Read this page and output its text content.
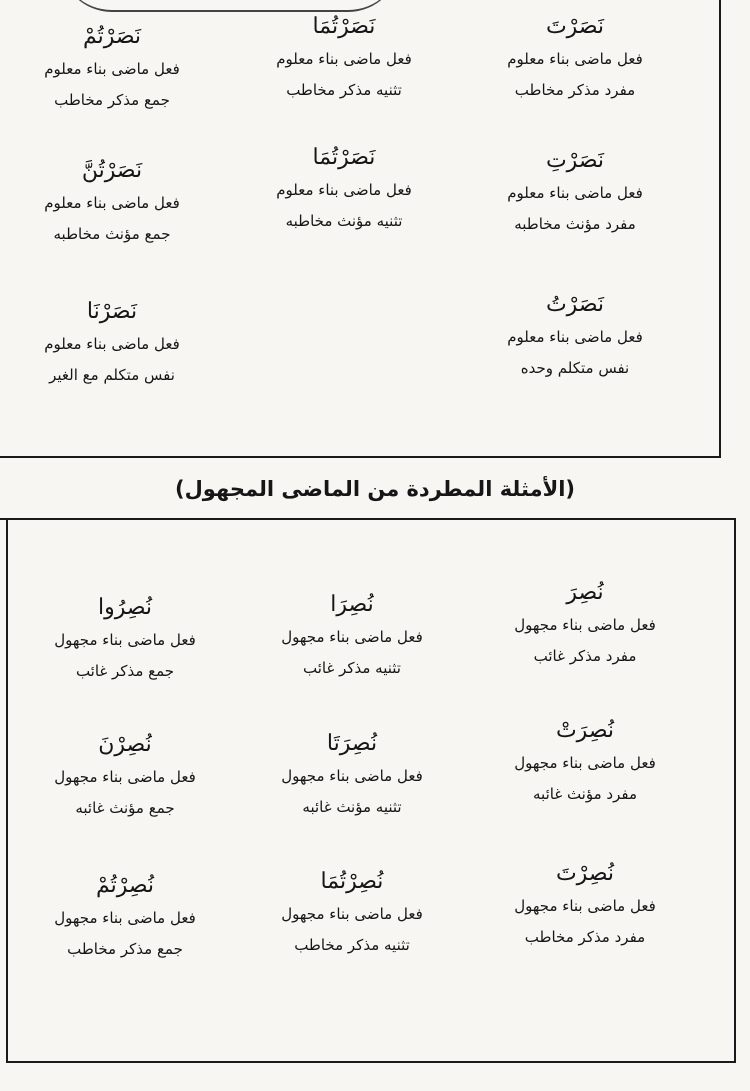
نَصَرْتَ
فعل ماضی بناء معلوم
مفرد مذکر مخاطب
نَصَرْتُمَا
فعل ماضی بناء معلوم
تثنیه مذکر مخاطب
نَصَرْتُمْ
فعل ماضی بناء معلوم
جمع مذکر مخاطب
نَصَرْتِ
فعل ماضی بناء معلوم
مفرد مؤنث مخاطبه
نَصَرْتُمَا
فعل ماضی بناء معلوم
تثنیه مؤنث مخاطبه
نَصَرْتُنَّ
فعل ماضی بناء معلوم
جمع مؤنث مخاطبه
نَصَرْتُ
فعل ماضی بناء معلوم
نفس متکلم وحده
نَصَرْنَا
فعل ماضی بناء معلوم
نفس متکلم مع الغیر
(الأمثلة المطردة من الماضی المجهول)
نُصِرَ
فعل ماضی بناء مجهول
مفرد مذکر غائب
نُصِرَا
فعل ماضی بناء مجهول
تثنیه مذکر غائب
نُصِرُوا
فعل ماضی بناء مجهول
جمع مذکر غائب
نُصِرَتْ
فعل ماضی بناء مجهول
مفرد مؤنث غائبه
نُصِرَتَا
فعل ماضی بناء مجهول
تثنیه مؤنث غائبه
نُصِرْنَ
فعل ماضی بناء مجهول
جمع مؤنث غائبه
نُصِرْتَ
فعل ماضی بناء مجهول
مفرد مذکر مخاطب
نُصِرْتُمَا
فعل ماضی بناء مجهول
تثنیه مذکر مخاطب
نُصِرْتُمْ
فعل ماضی بناء مجهول
جمع مذکر مخاطب
